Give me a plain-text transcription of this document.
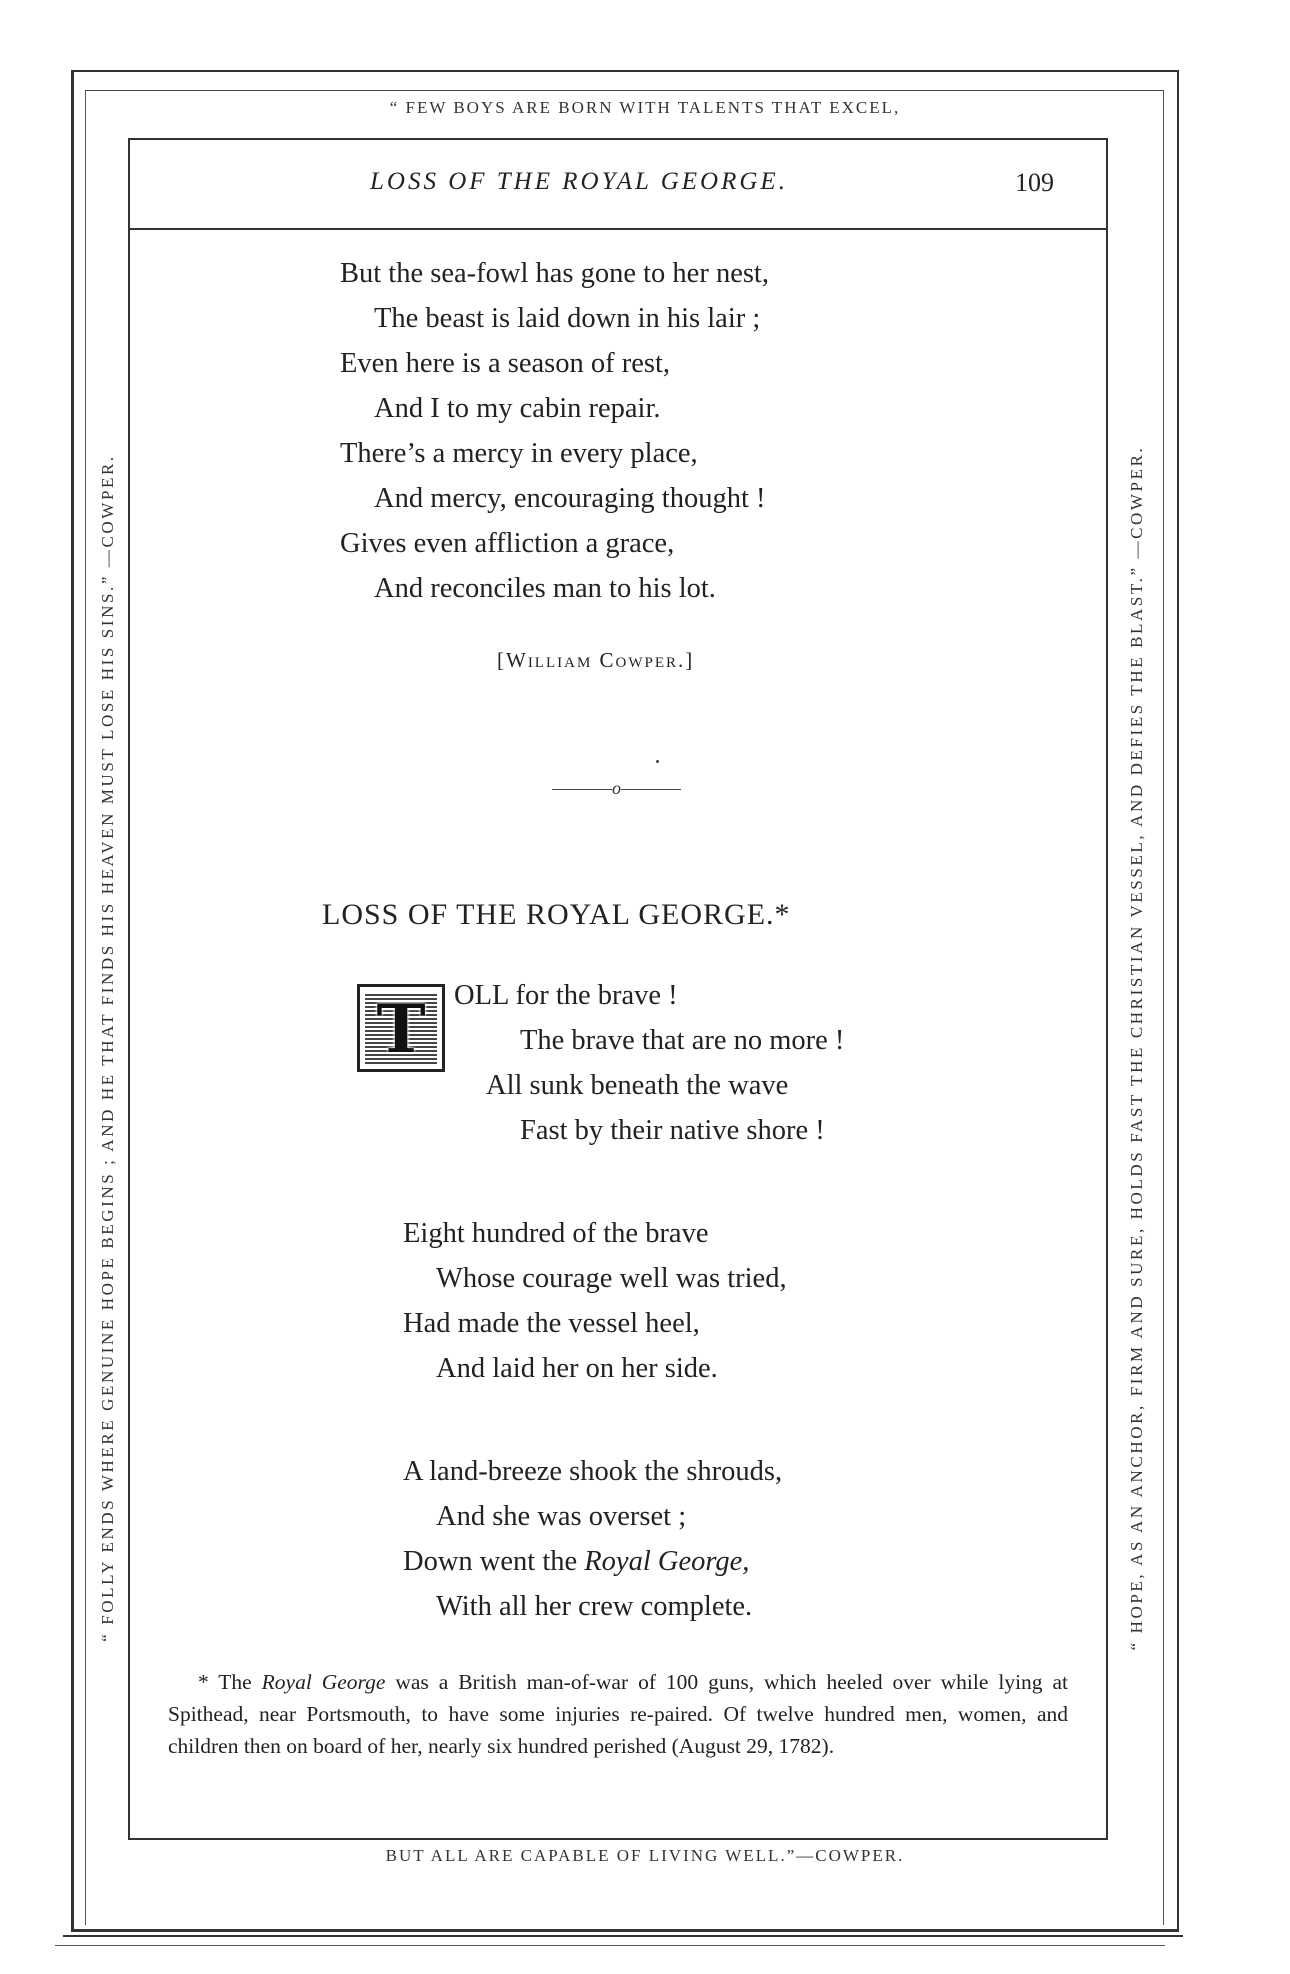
“ FEW BOYS ARE BORN WITH TALENTS THAT EXCEL,
BUT ALL ARE CAPABLE OF LIVING WELL.”—COWPER.
“ FOLLY ENDS WHERE GENUINE HOPE BEGINS ; AND HE THAT FINDS HIS HEAVEN MUST LOSE HIS SINS.” —COWPER.	“ HOPE, AS AN ANCHOR, FIRM AND SURE, HOLDS FAST THE CHRISTIAN VESSEL, AND DEFIES THE BLAST.” —COWPER.
LOSS OF THE ROYAL GEORGE.	109
But the sea-fowl has gone to her nest,
The beast is laid down in his lair ;
Even here is a season of rest,
And I to my cabin repair.
There’s a mercy in every place,
And mercy, encouraging thought !
Gives even affliction a grace,
And reconciles man to his lot.
[William Cowper.]
o
LOSS OF THE ROYAL GEORGE.*
T OLL for the brave !
The brave that are no more !
All sunk beneath the wave
Fast by their native shore !
Eight hundred of the brave
Whose courage well was tried,
Had made the vessel heel,
And laid her on her side.
A land-breeze shook the shrouds,
And she was overset ;
Down went the Royal George,
With all her crew complete.
* The Royal George was a British man-of-war of 100 guns, which heeled over while lying at Spithead, near Portsmouth, to have some injuries re-paired. Of twelve hundred men, women, and children then on board of her, nearly six hundred perished (August 29, 1782).
